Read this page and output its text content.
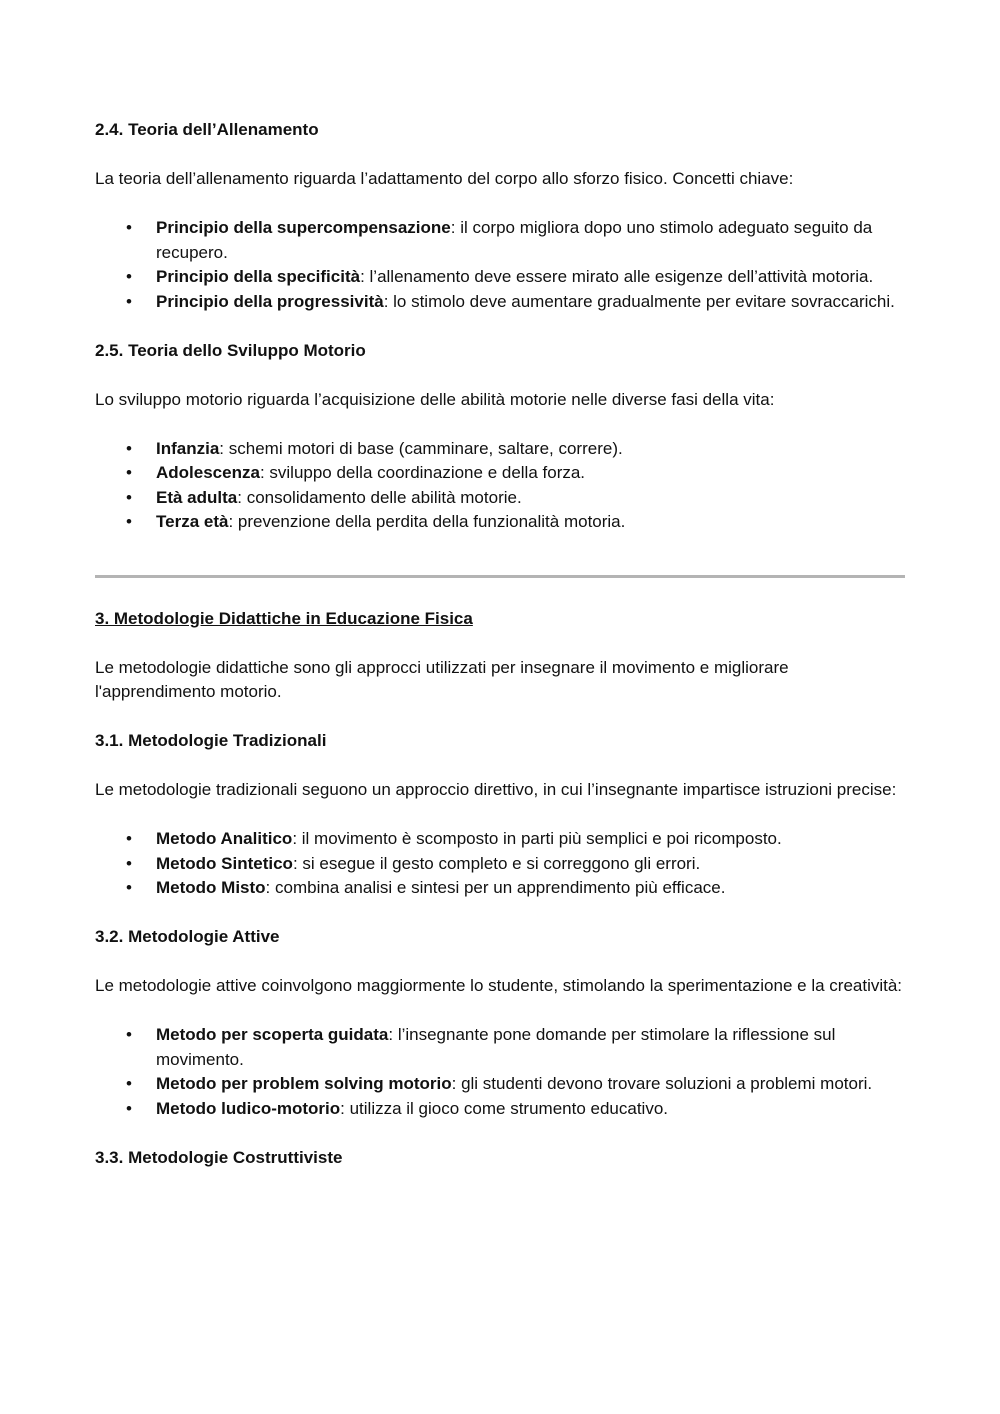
2.4. Teoria dell’Allenamento

La teoria dell’allenamento riguarda l’adattamento del corpo allo sforzo fisico. Concetti chiave:

• Principio della supercompensazione: il corpo migliora dopo uno stimolo adeguato seguito da recupero.
• Principio della specificità: l’allenamento deve essere mirato alle esigenze dell’attività motoria.
• Principio della progressività: lo stimolo deve aumentare gradualmente per evitare sovraccarichi.

2.5. Teoria dello Sviluppo Motorio

Lo sviluppo motorio riguarda l’acquisizione delle abilità motorie nelle diverse fasi della vita:

• Infanzia: schemi motori di base (camminare, saltare, correre).
• Adolescenza: sviluppo della coordinazione e della forza.
• Età adulta: consolidamento delle abilità motorie.
• Terza età: prevenzione della perdita della funzionalità motoria.

3. Metodologie Didattiche in Educazione Fisica

Le metodologie didattiche sono gli approcci utilizzati per insegnare il movimento e migliorare l'apprendimento motorio.

3.1. Metodologie Tradizionali

Le metodologie tradizionali seguono un approccio direttivo, in cui l’insegnante impartisce istruzioni precise:

• Metodo Analitico: il movimento è scomposto in parti più semplici e poi ricomposto.
• Metodo Sintetico: si esegue il gesto completo e si correggono gli errori.
• Metodo Misto: combina analisi e sintesi per un apprendimento più efficace.

3.2. Metodologie Attive

Le metodologie attive coinvolgono maggiormente lo studente, stimolando la sperimentazione e la creatività:

• Metodo per scoperta guidata: l’insegnante pone domande per stimolare la riflessione sul movimento.
• Metodo per problem solving motorio: gli studenti devono trovare soluzioni a problemi motori.
• Metodo ludico-motorio: utilizza il gioco come strumento educativo.

3.3. Metodologie Costruttiviste
